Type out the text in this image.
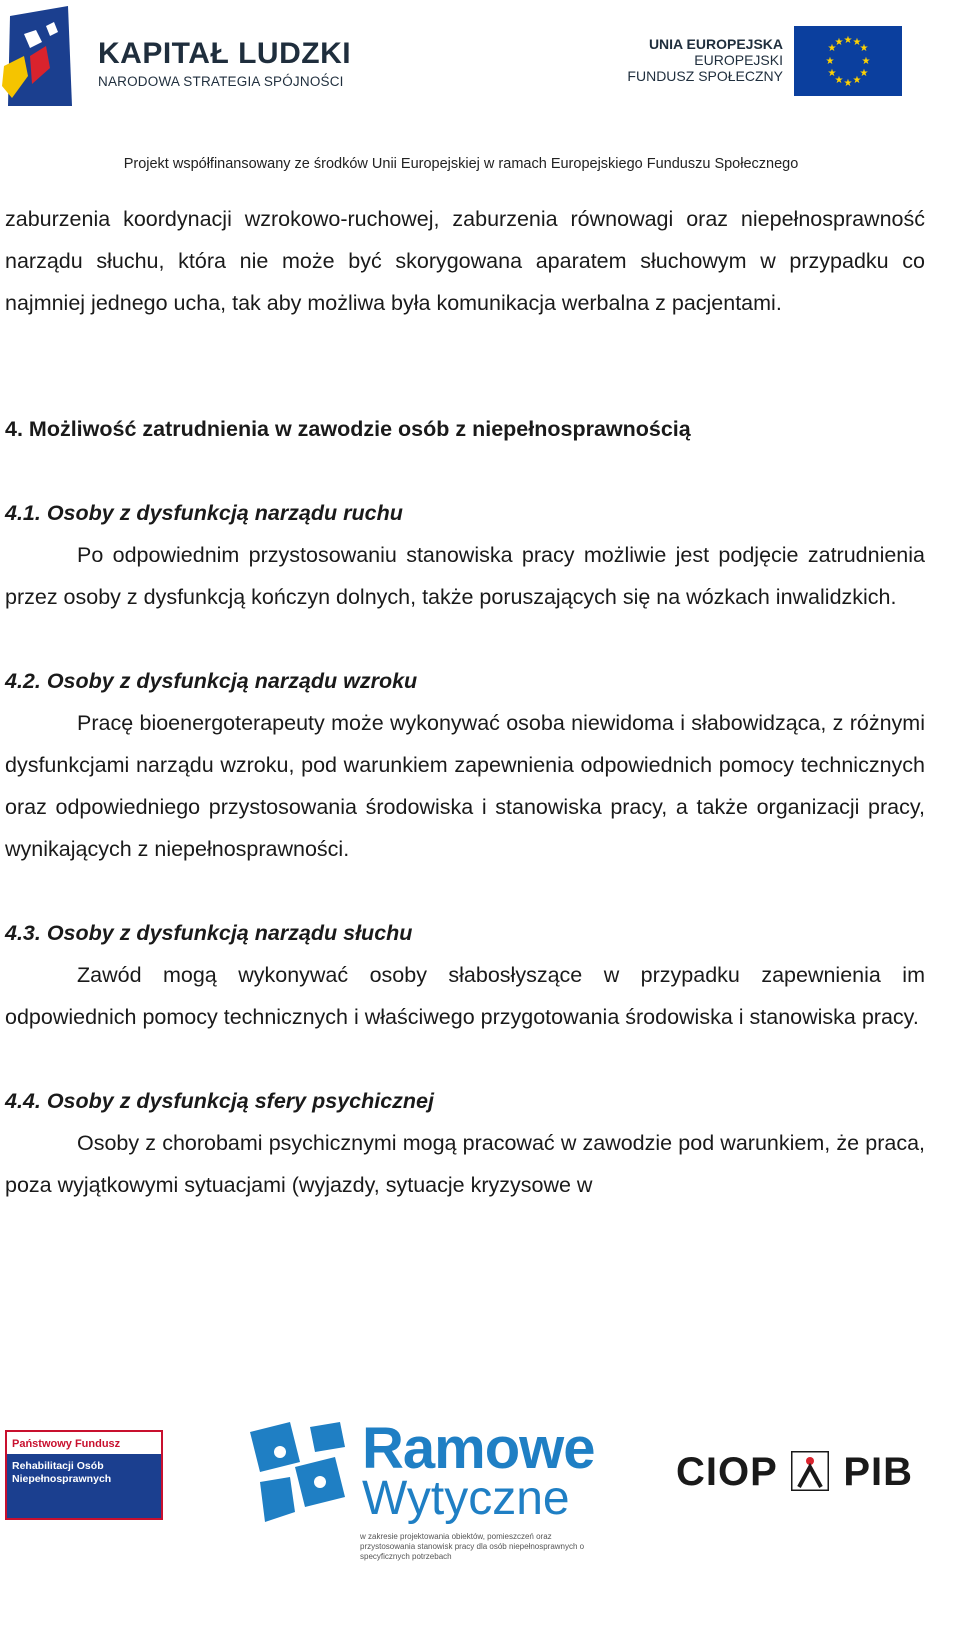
KAPITAŁ LUDZKI
NARODOWA STRATEGIA SPÓJNOŚCI
UNIA EUROPEJSKA
EUROPEJSKI
FUNDUSZ SPOŁECZNY
★ ★
★
★
★
★
★
★
★
★
★
★
Projekt współfinansowany ze środków Unii Europejskiej w ramach Europejskiego Funduszu Społecznego

zaburzenia koordynacji wzrokowo-ruchowej, zaburzenia równowagi oraz niepełnosprawność narządu słuchu, która nie może być skorygowana aparatem słuchowym w przypadku co najmniej jednego ucha, tak aby możliwa była komunikacja werbalna z pacjentami.

4. Możliwość zatrudnienia w zawodzie osób z niepełnosprawnością
4.1. Osoby z dysfunkcją narządu ruchu

Po odpowiednim przystosowaniu stanowiska pracy możliwie jest podjęcie zatrudnienia przez osoby z dysfunkcją kończyn dolnych, także poruszających się na wózkach inwalidzkich.

4.2. Osoby z dysfunkcją narządu wzroku

Pracę bioenergoterapeuty może wykonywać osoba niewidoma i słabowidząca, z różnymi dysfunkcjami narządu wzroku, pod warunkiem zapewnienia odpowiednich pomocy technicznych oraz odpowiedniego przystosowania środowiska i stanowiska pracy, a także organizacji pracy, wynikających z niepełnosprawności.

4.3. Osoby z dysfunkcją narządu słuchu

Zawód mogą wykonywać osoby słabosłyszące w przypadku zapewnienia im odpowiednich pomocy technicznych i właściwego przygotowania środowiska i stanowiska pracy.

4.4. Osoby z dysfunkcją sfery psychicznej

Osoby z chorobami psychicznymi mogą pracować w zawodzie pod warunkiem, że praca, poza wyjątkowymi sytuacjami (wyjazdy, sytuacje kryzysowe w

Państwowy Fundusz
Rehabilitacji Osób
Niepełnosprawnych	Ramowe
Wytyczne
w zakresie projektowania obiektów, pomieszczeń oraz przystosowania stanowisk pracy dla osób niepełnosprawnych o specyficznych potrzebach
CIOP PIB
